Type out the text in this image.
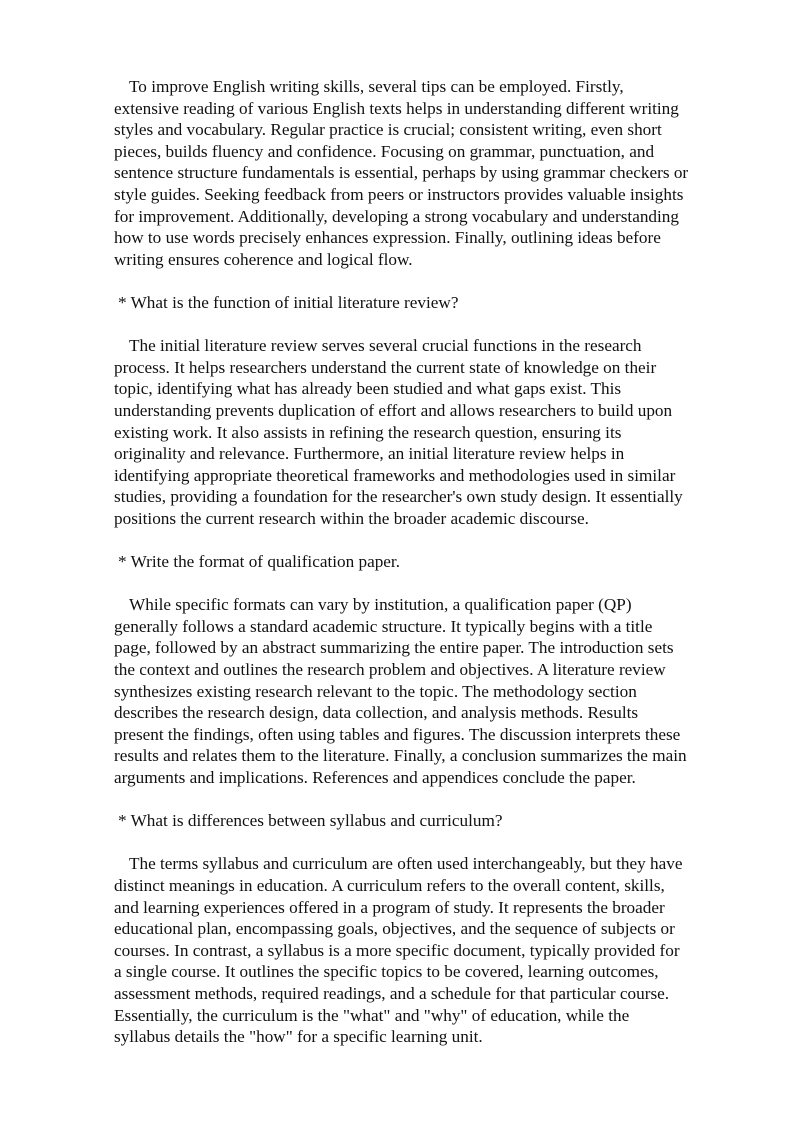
To improve English writing skills, several tips can be employed. Firstly,
extensive reading of various English texts helps in understanding different writing
styles and vocabulary. Regular practice is crucial; consistent writing, even short
pieces, builds fluency and confidence. Focusing on grammar, punctuation, and
sentence structure fundamentals is essential, perhaps by using grammar checkers or
style guides. Seeking feedback from peers or instructors provides valuable insights
for improvement. Additionally, developing a strong vocabulary and understanding
how to use words precisely enhances expression. Finally, outlining ideas before
writing ensures coherence and logical flow.

* What is the function of initial literature review?

The initial literature review serves several crucial functions in the research
process. It helps researchers understand the current state of knowledge on their
topic, identifying what has already been studied and what gaps exist. This
understanding prevents duplication of effort and allows researchers to build upon
existing work. It also assists in refining the research question, ensuring its
originality and relevance. Furthermore, an initial literature review helps in
identifying appropriate theoretical frameworks and methodologies used in similar
studies, providing a foundation for the researcher's own study design. It essentially
positions the current research within the broader academic discourse.

* Write the format of qualification paper.

While specific formats can vary by institution, a qualification paper (QP)
generally follows a standard academic structure. It typically begins with a title
page, followed by an abstract summarizing the entire paper. The introduction sets
the context and outlines the research problem and objectives. A literature review
synthesizes existing research relevant to the topic. The methodology section
describes the research design, data collection, and analysis methods. Results
present the findings, often using tables and figures. The discussion interprets these
results and relates them to the literature. Finally, a conclusion summarizes the main
arguments and implications. References and appendices conclude the paper.

* What is differences between syllabus and curriculum?

The terms syllabus and curriculum are often used interchangeably, but they have
distinct meanings in education. A curriculum refers to the overall content, skills,
and learning experiences offered in a program of study. It represents the broader
educational plan, encompassing goals, objectives, and the sequence of subjects or
courses. In contrast, a syllabus is a more specific document, typically provided for
a single course. It outlines the specific topics to be covered, learning outcomes,
assessment methods, required readings, and a schedule for that particular course.
Essentially, the curriculum is the "what" and "why" of education, while the
syllabus details the "how" for a specific learning unit.
